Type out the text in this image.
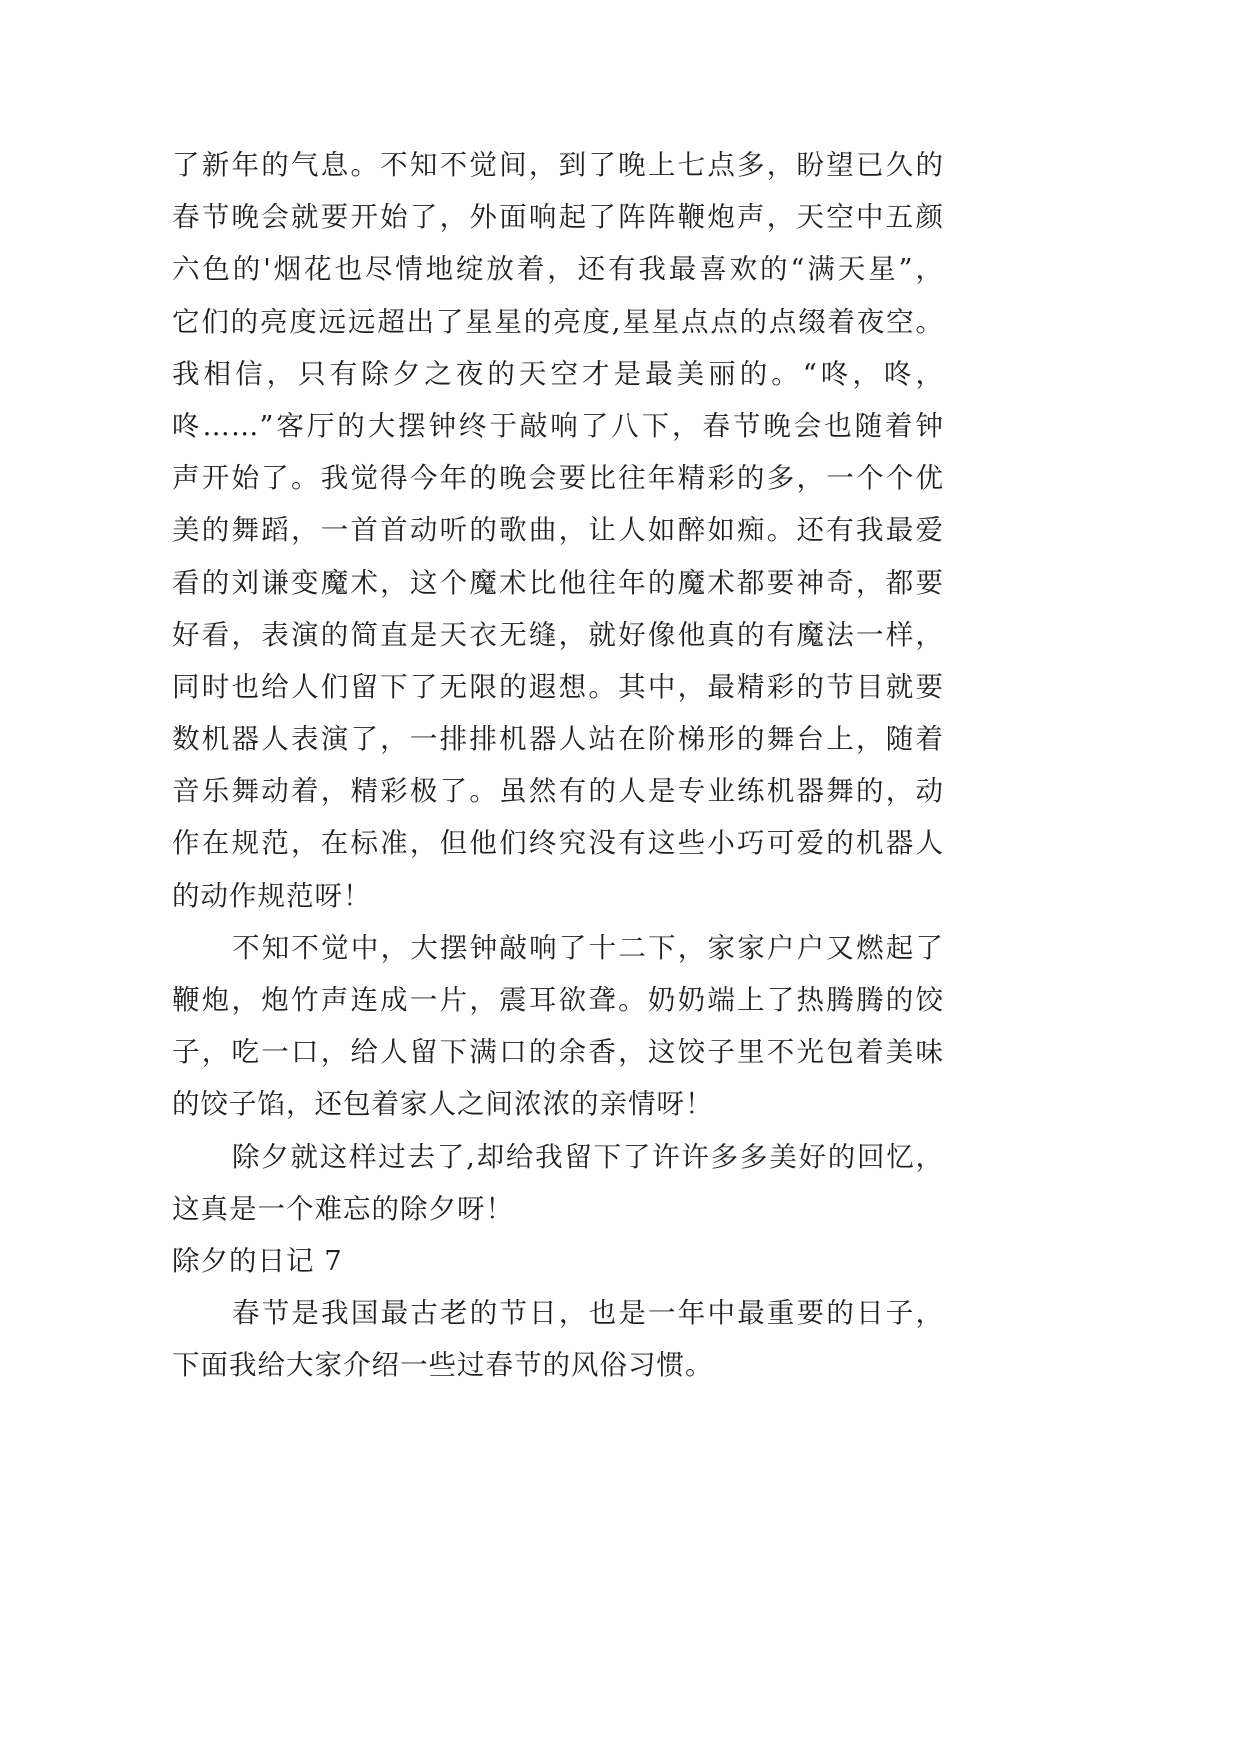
了新年的气息。不知不觉间，到了晚上七点多，盼望已久的
春节晚会就要开始了，外面响起了阵阵鞭炮声，天空中五颜
六色的'烟花也尽情地绽放着，还有我最喜欢的“满天星”，
它们的亮度远远超出了星星的亮度,星星点点的点缀着夜空。
我相信，只有除夕之夜的天空才是最美丽的。“咚，咚，
咚……”客厅的大摆钟终于敲响了八下，春节晚会也随着钟
声开始了。我觉得今年的晚会要比往年精彩的多，一个个优
美的舞蹈，一首首动听的歌曲，让人如醉如痴。还有我最爱
看的刘谦变魔术，这个魔术比他往年的魔术都要神奇，都要
好看，表演的简直是天衣无缝，就好像他真的有魔法一样，
同时也给人们留下了无限的遐想。其中，最精彩的节目就要
数机器人表演了，一排排机器人站在阶梯形的舞台上，随着
音乐舞动着，精彩极了。虽然有的人是专业练机器舞的，动
作在规范，在标准，但他们终究没有这些小巧可爱的机器人
的动作规范呀！
不知不觉中，大摆钟敲响了十二下，家家户户又燃起了
鞭炮，炮竹声连成一片，震耳欲聋。奶奶端上了热腾腾的饺
子，吃一口，给人留下满口的余香，这饺子里不光包着美味
的饺子馅，还包着家人之间浓浓的亲情呀！
除夕就这样过去了,却给我留下了许许多多美好的回忆，
这真是一个难忘的除夕呀！
除夕的日记 7
春节是我国最古老的节日，也是一年中最重要的日子，
下面我给大家介绍一些过春节的风俗习惯。
